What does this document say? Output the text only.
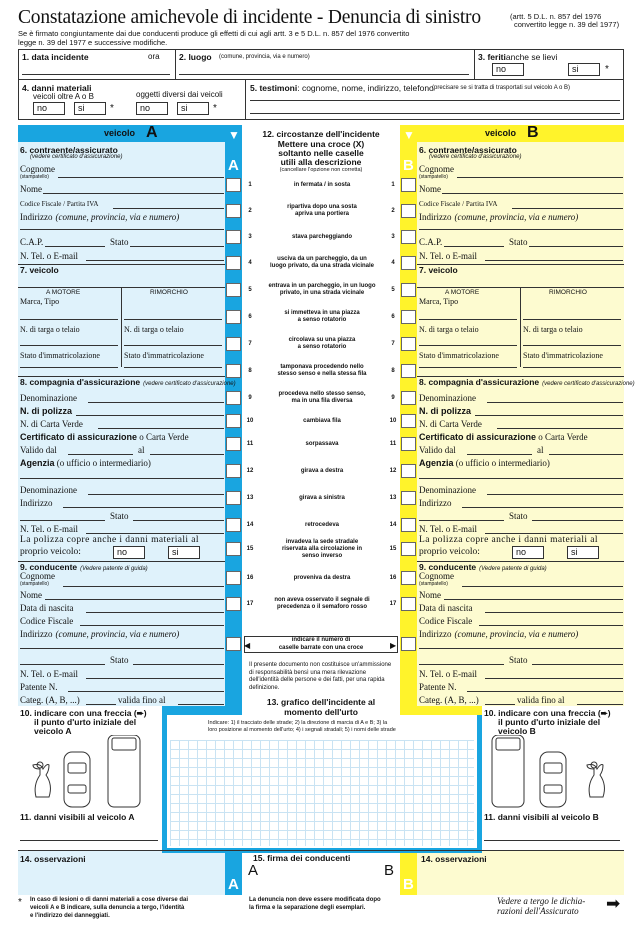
Constatazione amichevole di incidente - Denuncia di sinistro
Se è firmato congiuntamente dai due conducenti produce gli effetti di cui agli artt. 3 e 5 D.L. n. 857 del 1976 convertito
legge n. 39 del 1977 e successive modifiche.
(artt. 5 D.L. n. 857 del 1976
convertito legge n. 39 del 1977)
1. data incidente	ora 2. luogo (comune, provincia, via e numero)	3. feritianche se lievi
no	si	*
4. danni materiali
veicoli oltre A o B	oggetti diversi dai veicoli
no	si	*	no	si	*
5. testimoni: cognome, nome, indirizzo, telefono
(precisare se si tratta di trasportati sul veicolo A o B)
veicolo A	veicolo B
▼
A
▼
B
6. contraente/assicurato
(vedere certificato d'assicurazione)
Cognome
(stampatello)
Nome
Codice Fiscale / Partita IVA
Indirizzo (comune, provincia, via e numero)
C.A.P.	Stato
N. Tel. o E-mail
7. veicolo
A MOTORE	RIMORCHIO
Marca, Tipo
N. di targa o telaio	N. di targa o telaio
Stato d'immatricolazione	Stato d'immatricolazione
8. compagnia d'assicurazione (vedere certificato d'assicurazione)
Denominazione
N. di polizza
N. di Carta Verde
Certificato di assicurazione o Carta Verde
Valido dal	al
Agenzia (o ufficio o intermediario)
Denominazione
Indirizzo
Stato
N. Tel. o E-mail
La polizza copre anche i danni materiali al
proprio veicolo:	no	si
9. conducente (Vedere patente di guida)
Cognome
(stampatello)
Nome
Data di nascita
Codice Fiscale
Indirizzo (comune, provincia, via e numero)
Stato
N. Tel. o E-mail
Patente N.
Categ. (A, B, ...)	valida fino al
6. contraente/assicurato
(vedere certificato d'assicurazione)
Cognome
(stampatello)
Nome
Codice Fiscale / Partita IVA
Indirizzo (comune, provincia, via e numero)
C.A.P.	Stato
N. Tel. o E-mail
7. veicolo
A MOTORE	RIMORCHIO
Marca, Tipo
N. di targa o telaio	N. di targa o telaio
Stato d'immatricolazione	Stato d'immatricolazione
8. compagnia d'assicurazione (vedere certificato d'assicurazione)
Denominazione
N. di polizza
N. di Carta Verde
Certificato di assicurazione o Carta Verde
Valido dal	al
Agenzia (o ufficio o intermediario)
Denominazione
Indirizzo
Stato
N. Tel. o E-mail
La polizza copre anche i danni materiali al
proprio veicolo:	no	si
9. conducente (Vedere patente di guida)
Cognome
(stampatello)
Nome
Data di nascita
Codice Fiscale
Indirizzo (comune, provincia, via e numero)
Stato
N. Tel. o E-mail
Patente N.
Categ. (A, B, ...)	valida fino al
12. circostanze dell'incidente
Mettere una croce (X)
soltanto nelle caselle
utili alla descrizione
(cancellare l'opzione non corretta)
1	1
in fermata / in sosta
2	2
ripartiva dopo una sosta
apriva una portiera
3	3
stava parcheggiando
4	4
usciva da un parcheggio, da un
luogo privato, da una strada vicinale
5	5
entrava in un parcheggio, in un luogo
privato, in una strada vicinale
6	6
si immetteva in una piazza
a senso rotatorio
7	7
circolava su una piazza
a senso rotatorio
8	8
tamponava procedendo nello
stesso senso e nella stessa fila
9	9
procedeva nello stesso senso,
ma in una fila diversa
10	10
cambiava fila
11	11
sorpassava
12	12
girava a destra
13	13
girava a sinistra
14	14
retrocedeva
15	15
invadeva la sede stradale
riservata alla circolazione in
senso inverso
16	16
proveniva da destra
17	17
non aveva osservato il segnale di
precedenza o il semaforo rosso
indicare il numero di
caselle barrate con una croce
◀	▶
Il presente documento non costituisce un'ammissione di responsabilità bensì una mera rilevazione dell'identità delle persone e dei fatti, per una rapida definizione.
13. grafico dell'incidente al
momento dell'urto
Indicare: 1) il tracciato delle strade; 2) la direzione di marcia di A e B; 3) la
loro posizione al momento dell'urto; 4) i segnali stradali; 5) i nomi delle strade
10. indicare con una freccia (➨)
il punto d'urto iniziale del
veicolo A
11. danni visibili al veicolo A
10. indicare con una freccia (➨)
il punto d'urto iniziale del
veicolo B
11. danni visibili al veicolo B
14. osservazioni	14. osservazioni
A	B
15. firma dei conducenti
A	B
* In caso di lesioni o di danni materiali a cose diverse dai
veicoli A e B indicare, sulla denuncia a tergo, l'identità
e l'indirizzo dei danneggiati.
La denuncia non deve essere modificata dopo
la firma e la separazione degli esemplari.
Vedere a tergo le dichia-
razioni dell'Assicurato ➡
